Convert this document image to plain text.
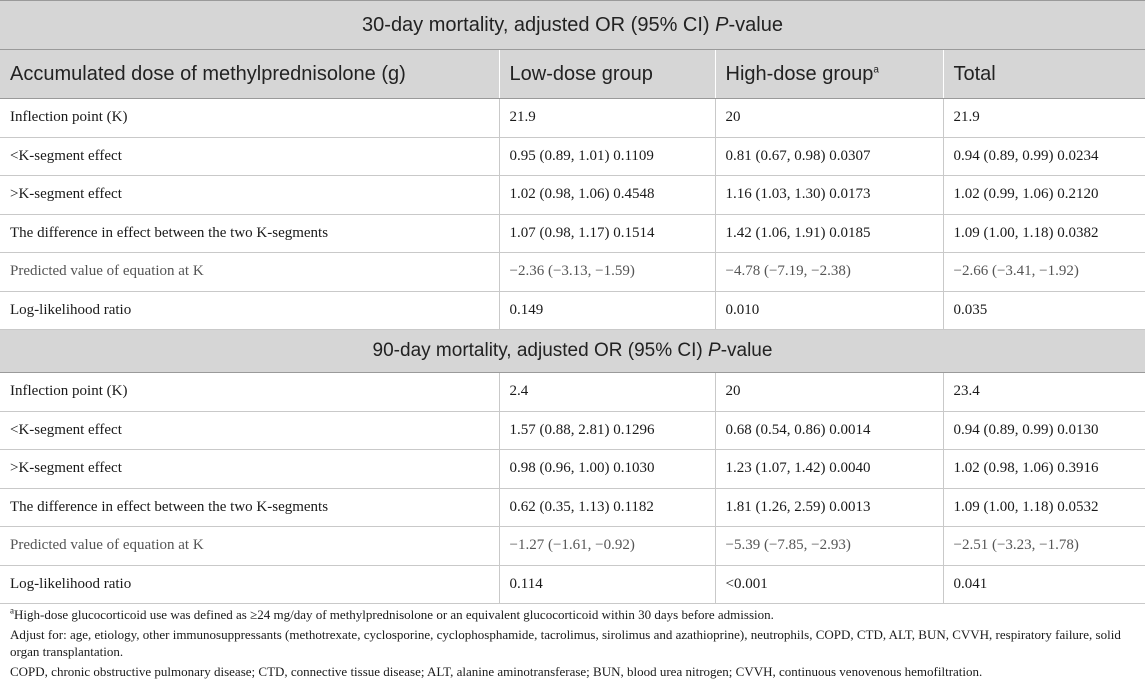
30-day mortality, adjusted OR (95% CI) P-value			
Accumulated dose of methylprednisolone (g)	Low-dose group	High-dose group$^a$	Total
Inflection point (K)	21.9	20	21.9
<K-segment effect	0.95 (0.89, 1.01) 0.1109	0.81 (0.67, 0.98) 0.0307	0.94 (0.89, 0.99) 0.0234
>K-segment effect	1.02 (0.98, 1.06) 0.4548	1.16 (1.03, 1.30) 0.0173	1.02 (0.99, 1.06) 0.2120
The difference in effect between the two K-segments	1.07 (0.98, 1.17) 0.1514	1.42 (1.06, 1.91) 0.0185	1.09 (1.00, 1.18) 0.0382
Predicted value of equation at K	−2.36 (−3.13, −1.59)	−4.78 (−7.19, −2.38)	−2.66 (−3.41, −1.92)
Log-likelihood ratio	0.149	0.010	0.035
90-day mortality, adjusted OR (95% CI) P-value			
Inflection point (K)	2.4	20	23.4
<K-segment effect	1.57 (0.88, 2.81) 0.1296	0.68 (0.54, 0.86) 0.0014	0.94 (0.89, 0.99) 0.0130
>K-segment effect	0.98 (0.96, 1.00) 0.1030	1.23 (1.07, 1.42) 0.0040	1.02 (0.98, 1.06) 0.3916
The difference in effect between the two K-segments	0.62 (0.35, 1.13) 0.1182	1.81 (1.26, 2.59) 0.0013	1.09 (1.00, 1.18) 0.0532
Predicted value of equation at K	−1.27 (−1.61, −0.92)	−5.39 (−7.85, −2.93)	−2.51 (−3.23, −1.78)
Log-likelihood ratio	0.114	<0.001	0.041

$^a$High-dose glucocorticoid use was defined as ≥24 mg/day of methylprednisolone or an equivalent glucocorticoid within 30 days before admission.

Adjust for: age, etiology, other immunosuppressants (methotrexate, cyclosporine, cyclophosphamide, tacrolimus, sirolimus and azathioprine), neutrophils, COPD, CTD, ALT, BUN, CVVH, respiratory failure, solid organ transplantation.

COPD, chronic obstructive pulmonary disease; CTD, connective tissue disease; ALT, alanine aminotransferase; BUN, blood urea nitrogen; CVVH, continuous venovenous hemofiltration.
